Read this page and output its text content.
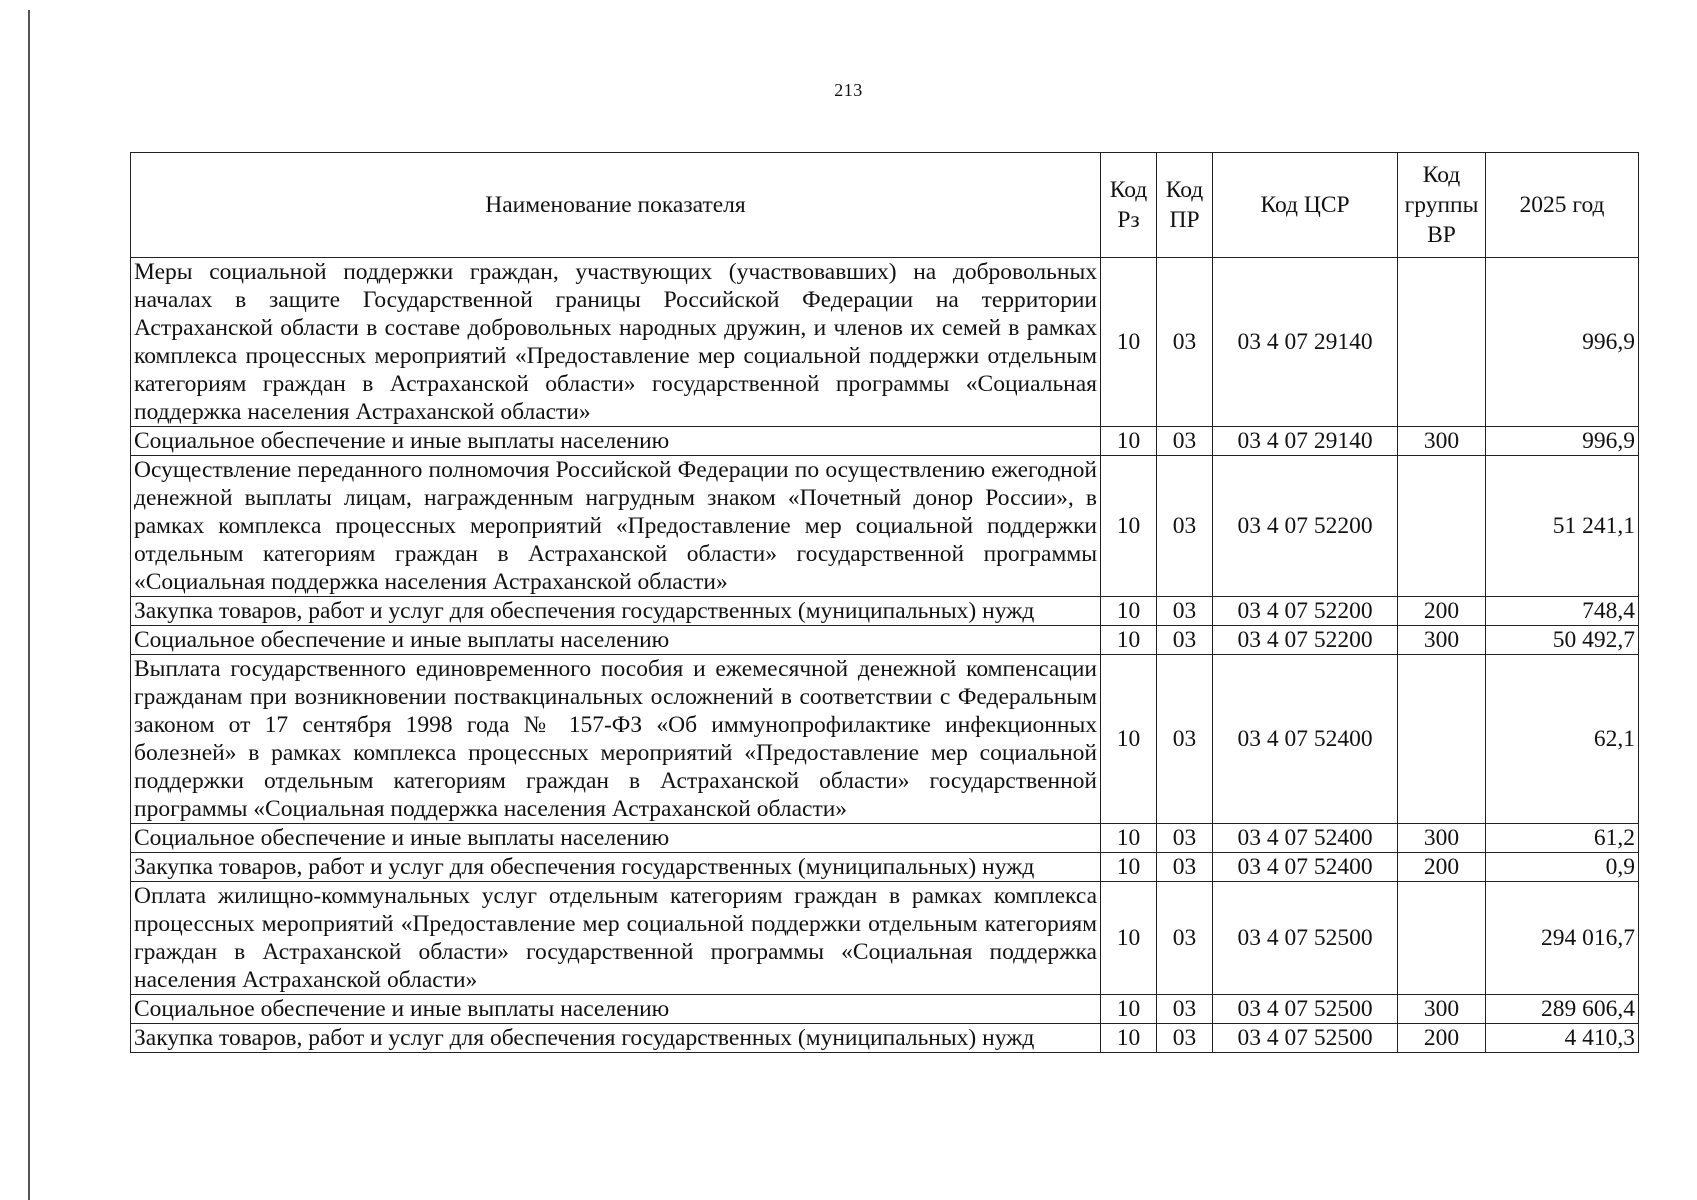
213
Наименование показателя	Код Рз	Код ПР	Код ЦСР	Код группы ВР	2025 год
Меры социальной поддержки граждан, участвующих (участвовавших) на добровольных началах в защите Государственной границы Российской Федерации на территории Астраханской области в составе добровольных народных дружин, и членов их семей в рамках комплекса процессных мероприятий «Предоставление мер социальной поддержки отдельным категориям граждан в Астраханской области» государственной программы «Социальная поддержка населения Астраханской области»	10	03	03 4 07 29140		996,9
Социальное обеспечение и иные выплаты населению	10	03	03 4 07 29140	300	996,9
Осуществление переданного полномочия Российской Федерации по осуществлению ежегодной денежной выплаты лицам, награжденным нагрудным знаком «Почетный донор России», в рамках комплекса процессных мероприятий «Предоставление мер социальной поддержки отдельным категориям граждан в Астраханской области» государственной программы «Социальная поддержка населения Астраханской области»	10	03	03 4 07 52200		51 241,1
Закупка товаров, работ и услуг для обеспечения государственных (муниципальных) нужд	10	03	03 4 07 52200	200	748,4
Социальное обеспечение и иные выплаты населению	10	03	03 4 07 52200	300	50 492,7
Выплата государственного единовременного пособия и ежемесячной денежной компенсации гражданам при возникновении поствакцинальных осложнений в соответствии с Федеральным законом от 17 сентября 1998 года № 157-ФЗ «Об иммунопрофилактике инфекционных болезней» в рамках комплекса процессных мероприятий «Предоставление мер социальной поддержки отдельным категориям граждан в Астраханской области» государственной программы «Социальная поддержка населения Астраханской области»	10	03	03 4 07 52400		62,1
Социальное обеспечение и иные выплаты населению	10	03	03 4 07 52400	300	61,2
Закупка товаров, работ и услуг для обеспечения государственных (муниципальных) нужд	10	03	03 4 07 52400	200	0,9
Оплата жилищно-коммунальных услуг отдельным категориям граждан в рамках комплекса процессных мероприятий «Предоставление мер социальной поддержки отдельным категориям граждан в Астраханской области» государственной программы «Социальная поддержка населения Астраханской области»	10	03	03 4 07 52500		294 016,7
Социальное обеспечение и иные выплаты населению	10	03	03 4 07 52500	300	289 606,4
Закупка товаров, работ и услуг для обеспечения государственных (муниципальных) нужд	10	03	03 4 07 52500	200	4 410,3
